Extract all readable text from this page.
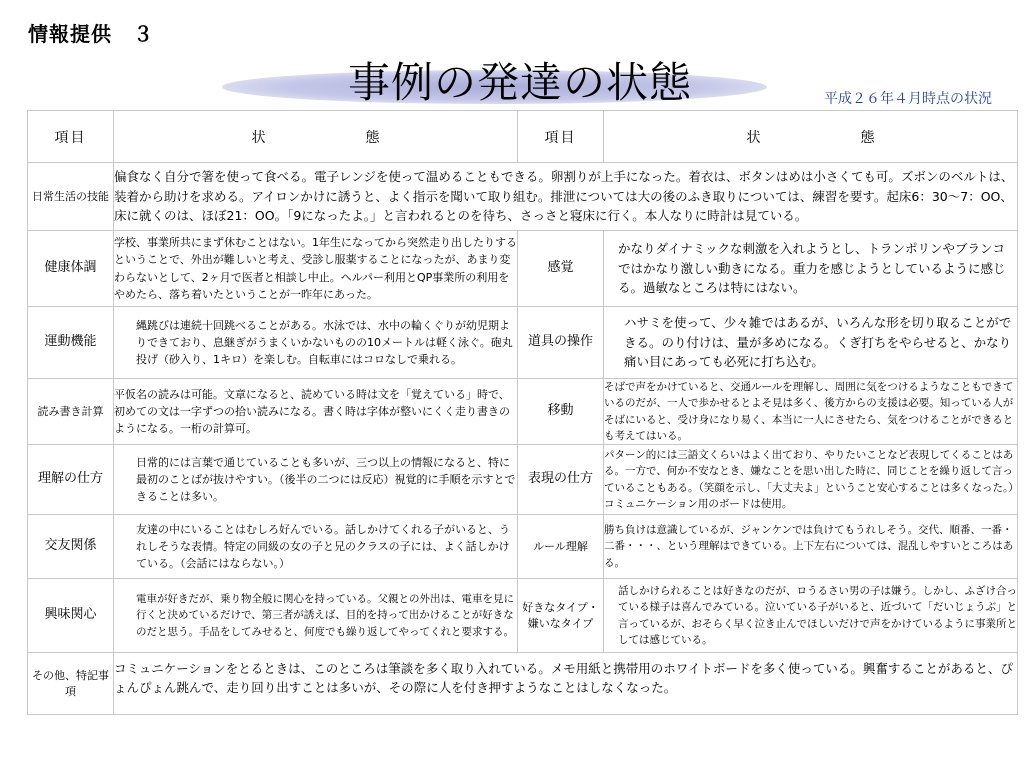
情報提供　３
事例の発達の状態	平成２６年４月時点の状況
項目	状　　態	項目	状　　態
日常生活の技能	偏食なく自分で箸を使って食べる。電子レンジを使って温めることもできる。卵割りが上手になった。着衣は、ボタンはめは小さくても可。ズボンのベルトは、装着から助けを求める。アイロンかけに誘うと、よく指示を聞いて取り組む。排泄については大の後のふき取りについては、練習を要す。起床6：30～7：OO、床に就くのは、ほぼ21：OO。「9になったよ。」と言われるとのを待ち、さっさと寝床に行く。本人なりに時計は見ている。		
健康体調	学校、事業所共にまず休むことはない。1年生になってから突然走り出したりするということで、外出が難しいと考え、受診し服薬することになったが、あまり変わらないとして、2ヶ月で医者と相談し中止。ヘルパー利用とQP事業所の利用をやめたら、落ち着いたということが一昨年にあった。	感覚	かなりダイナミックな刺激を入れようとし、トランポリンやブランコではかなり激しい動きになる。重力を感じようとしているように感じる。過敏なところは特にはない。
運動機能	縄跳びは連続十回跳べることがある。水泳では、水中の輪くぐりが幼児期よりできており、息継ぎがうまくいかないものの10メートルは軽く泳ぐ。砲丸投げ（砂入り、1キロ）を楽しむ。自転車にはコロなしで乗れる。	道具の操作	ハサミを使って、少々雑ではあるが、いろんな形を切り取ることができる。のり付けは、量が多めになる。くぎ打ちをやらせると、かなり痛い目にあっても必死に打ち込む。
読み書き計算	平仮名の読みは可能。文章になると、読めている時は文を「覚えている」時で、初めての文は一字ずつの拾い読みになる。書く時は字体が整いにくく走り書きのようになる。一桁の計算可。	移動	そばで声をかけていると、交通ルールを理解し、周囲に気をつけるようなこともできているのだが、一人で歩かせるとよそ見は多く、後方からの支援は必要。知っている人がそばにいると、受け身になり易く、本当に一人にさせたら、気をつけることができるとも考えてはいる。
理解の仕方	日常的には言葉で通じていることも多いが、三つ以上の情報になると、特に最初のことばが抜けやすい。（後半の二つには反応）視覚的に手順を示すとできることは多い。	表現の仕方	パターン的には三語文くらいはよく出ており、やりたいことなど表現してくることはある。一方で、何か不安なとき、嫌なことを思い出した時に、同じことを繰り返して言っていることもある。（笑顔を示し、「大丈夫よ」ということ安心することは多くなった。）コミュニケーション用のボードは使用。
交友関係	友達の中にいることはむしろ好んでいる。話しかけてくれる子がいると、うれしそうな表情。特定の同級の女の子と兄のクラスの子には、よく話しかけている。（会話にはならない。）	ルール理解	勝ち負けは意識しているが、ジャンケンでは負けてもうれしそう。交代、順番、一番・二番・・・、という理解はできている。上下左右については、混乱しやすいところはある。
興味関心	電車が好きだが、乗り物全般に関心を持っている。父親との外出は、電車を見に行くと決めているだけで、第三者が誘えば、目的を持って出かけることが好きなのだと思う。手品をしてみせると、何度でも繰り返してやってくれと要求する。	好きなタイプ・嫌いなタイプ	話しかけられることは好きなのだが、ロうるさい男の子は嫌う。しかし、ふざけ合っている様子は喜んでみている。泣いている子がいると、近づいて「だいじょうぶ」と言っているが、おそらく早く泣き止んでほしいだけで声をかけているように事業所としては感じている。
その他、特記事項	コミュニケーションをとるときは、このところは筆談を多く取り入れている。メモ用紙と携帯用のホワイトボードを多く使っている。興奮することがあると、ぴょんぴょん跳んで、走り回り出すことは多いが、その際に人を付き押すようなことはしなくなった。		
